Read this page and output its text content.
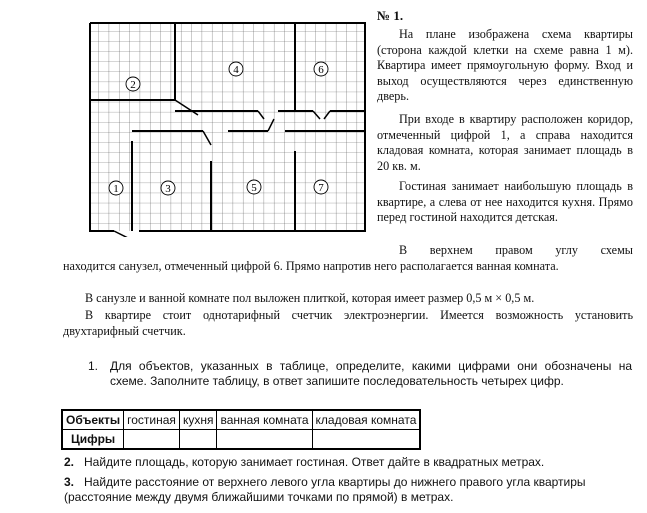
2
4	6
1	3	5	7
№ 1.
На плане изображена схема квартиры (сторона каждой клетки на схеме равна 1 м). Квартира имеет прямоугольную форму. Вход и выход осуществляются через единственную дверь.
При входе в квартиру расположен коридор, отмеченный цифрой 1, а справа находится кладовая комната, которая занимает площадь в 20 кв. м.
Гостиная занимает наибольшую площадь в квартире, а слева от нее находится кухня. Прямо перед гостиной находится детская.
В верхнем правом углу схемы
находится санузел, отмеченный цифрой 6. Прямо напротив него располагается ванная комната.
В санузле и ванной комнате пол выложен плиткой, которая имеет размер 0,5 м × 0,5 м.
В квартире стоит однотарифный счетчик электроэнергии. Имеется возможность установить двухтарифный счетчик.
1. Для объектов, указанных в таблице, определите, какими цифрами они обозначены на схеме. Заполните таблицу, в ответ запишите последовательность четырех цифр.
Объекты	гостиная	кухня	ванная комната	кладовая комната
Цифры				
2. Найдите площадь, которую занимает гостиная. Ответ дайте в квадратных метрах.
3. Найдите расстояние от верхнего левого угла квартиры до нижнего правого угла квартиры (расстояние между двумя ближайшими точками по прямой) в метрах.
